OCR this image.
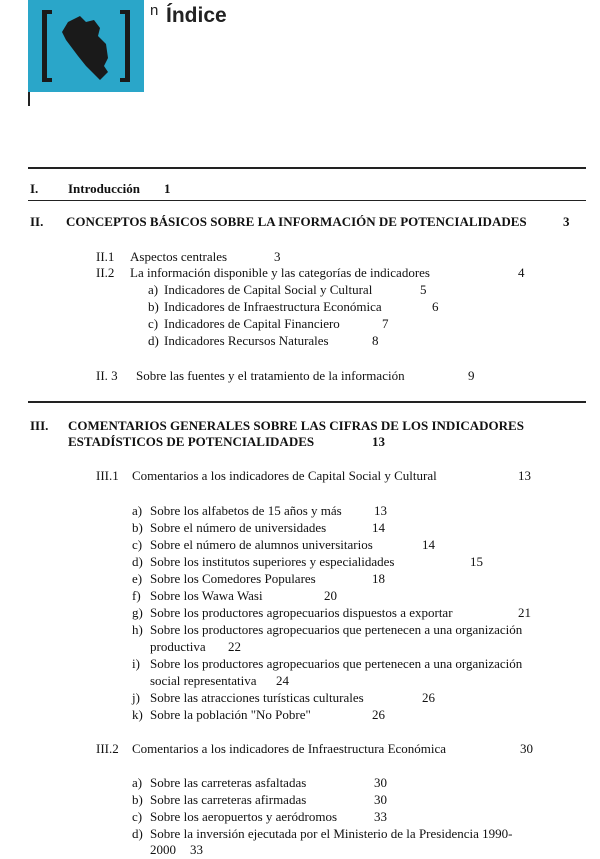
n Índice
I. Introducción 1
II. CONCEPTOS BÁSICOS SOBRE LA INFORMACIÓN DE POTENCIALIDADES	3
II.1 Aspectos centrales	3
II.2 La información disponible y las categorías de indicadores	4
a) Indicadores de Capital Social y Cultural	5
b) Indicadores de Infraestructura Económica	6
c) Indicadores de Capital Financiero	7
d) Indicadores Recursos Naturales	8
II. 3 Sobre las fuentes y el tratamiento de la información	9
III. COMENTARIOS GENERALES SOBRE LAS CIFRAS DE LOS INDICADORES
ESTADÍSTICOS DE POTENCIALIDADES	13
III.1 Comentarios a los indicadores de Capital Social y Cultural	13
a) Sobre los alfabetos de 15 años y más 13
b) Sobre el número de universidades	14
c) Sobre el número de alumnos universitarios	14
d) Sobre los institutos superiores y especialidades	15
e) Sobre los Comedores Populares	18
f) Sobre los Wawa Wasi	20
g) Sobre los productores agropecuarios dispuestos a exportar	21
h) Sobre los productores agropecuarios que pertenecen a una organización
productiva 22
i) Sobre los productores agropecuarios que pertenecen a una organización
social representativa 24
j) Sobre las atracciones turísticas culturales	26
k) Sobre la población "No Pobre"	26
III.2 Comentarios a los indicadores de Infraestructura Económica	30
a) Sobre las carreteras asfaltadas	30
b) Sobre las carreteras afirmadas	30
c) Sobre los aeropuertos y aeródromos	33
d) Sobre la inversión ejecutada por el Ministerio de la Presidencia 1990-
2000 33
